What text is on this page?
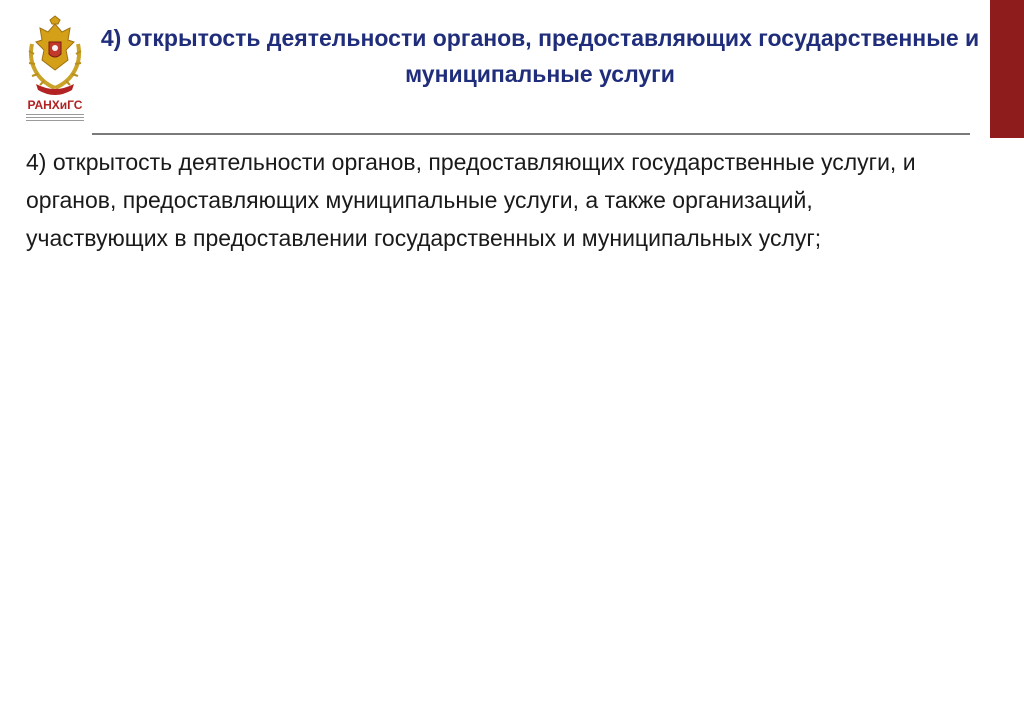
РАНХиГС
4) открытость деятельности органов, предоставляющих государственные и муниципальные услуги
4) открытость деятельности органов, предоставляющих государственные услуги, и органов, предоставляющих муниципальные услуги, а также организаций, участвующих в предоставлении государственных и муниципальных услуг;
